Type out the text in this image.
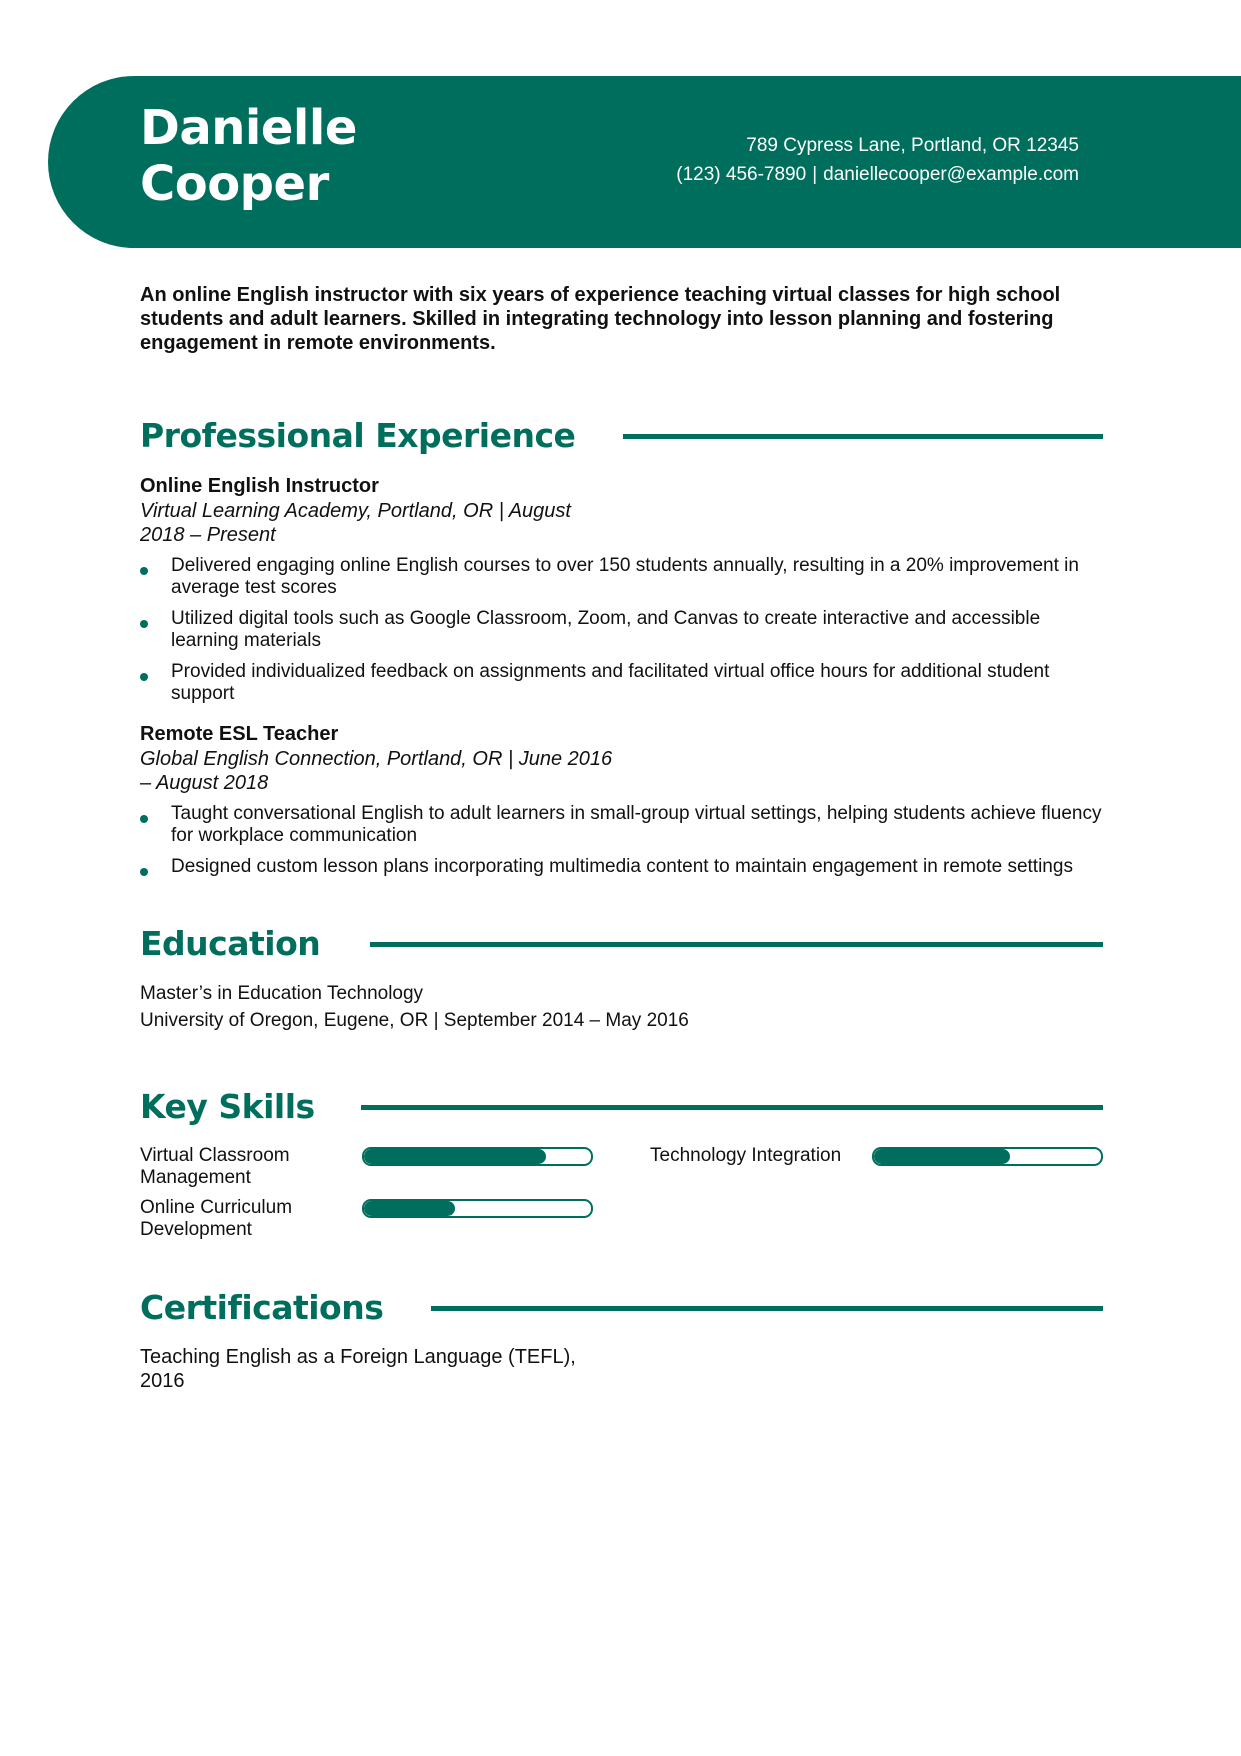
Danielle
Cooper
789 Cypress Lane, Portland, OR 12345
(123) 456-7890 | daniellecooper@example.com

An online English instructor with six years of experience teaching virtual classes for high school students and adult learners. Skilled in integrating technology into lesson planning and fostering engagement in remote environments.

Professional Experience
Online English Instructor
Virtual Learning Academy, Portland, OR | August 2018 – Present
Delivered engaging online English courses to over 150 students annually, resulting in a 20% improvement in average test scores
Utilized digital tools such as Google Classroom, Zoom, and Canvas to create interactive and accessible learning materials
Provided individualized feedback on assignments and facilitated virtual office hours for additional student support
Remote ESL Teacher
Global English Connection, Portland, OR | June 2016 – August 2018
Taught conversational English to adult learners in small-group virtual settings, helping students achieve fluency for workplace communication
Designed custom lesson plans incorporating multimedia content to maintain engagement in remote settings
Education
Master’s in Education Technology
University of Oregon, Eugene, OR | September 2014 – May 2016
Key Skills
Virtual Classroom Management
Technology Integration
Online Curriculum Development
Certifications
Teaching English as a Foreign Language (TEFL), 2016
